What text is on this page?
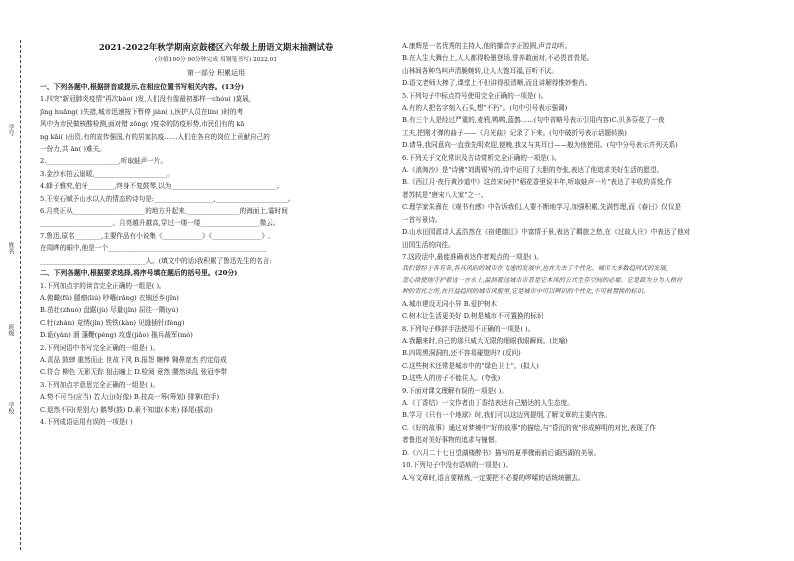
学号
姓名
班级
学校
2021-2022年秋学期南京鼓楼区六年级上册语文期末抽测试卷
(分值100分 90分钟完成 用钢笔书写) 2022.01
第一部分 积累运用
一、下列各题中,根据拼音或提示,在相应位置书写相关内容。(13分)
1.四突"新冠肺炎疫情"再次bào( )发,人们没有像最初那样一chóu( )莫展,
jīng huāng( )失措,城市迅速按下暂停 jiàn( ),医护人员在lín( )时的考
风中为市民做核酸检测,面对错 zōng( )复杂的防疫形势,市民们有的 kā
ng kǎi( )出资,有的宣传强国,有的居家抗疫……人们在各自的岗位上贡献自己的
一份力,共 ān( )难关。
2.______________________,听取蛙声一片。
3.金沙水拍云崖暖,______________________。
4.蜂子雅究,伯牙________,终身不复鼓琴,以为________________________________。
5.王安石赋予山水以人的情态的诗句是:__________________,______________________。
6.月亮正从______________________的地方升起来,________________的海面上,霎时间
______________________。月亮越升越高,穿过一缕一缕__________________微云。
7.鲁迅,原名________,主要作品有小说集《____________》《_______________》,
在周晔的眼中,他是一个________________________________________________
________________________________人。(填文中的话)我积累了鲁迅先生的名言:
二、下列各题中,根据要求选择,将序号填在题后的括号里。(20分)
1.下列加点字的读音完全正确的一组是( )。
A.俯瞰(fǔ) 腿瘤(liú) 吵嚷(rǎng) 衣锦还乡(jǐn)
B.茁壮(zhuó) 盘踞(jù) 尽量(jǐn) 屈往一隅(yú)
C.牡(zhàn) 竞绣(jǐn) 铁铁(kàn) 见缝插针(fèng)
D.诡(yàn) 溜 蓬鞭(péng) 攻虚(jiǎo) 拖兵裁军(mó)
2.下列词语中书写完全正确的一组是( )。
A.责品 鼓肆 重然而止 世故下风 B.报怨 糖棒 翱鼻宽杰 约定俗成
C.符合 柳色 无影无踪 狙击瞳上 D.检阅 竟然 腰然读乱 张冠李带
3.下列加点字意思完全正确的一组是( )。
A.势不可当(应当) 若大山(好像) B.技高一筹(筹划) 排掌(拍手)
C.退然不同(差别大) 鹅琴(鼓) D.素不知道(本来) 择尾(摇动)
4.下列成语运用有误的一项是( )
A.康辉是一名优秀的主持人,他的播音字正腔圆,声音动听。
B.在人生大舞台上,人人都得粉墨登场,誉养敢面对,不必畏首畏尾。
山林间各种鸟叫声清脆婉转,让人大饱耳福,百听不厌。
D.语文老师大棒了,课堂上不但讲得很清晰,而且讲解得惟妙惟肖。
5.下列句子中标点符号使用完全正确的一项是( )。
A.有的人把名字刻入石头,想"不朽"。(句中引号表示强调)
B.有三个人是经过严重的,麦鸦,鸭鸭,蓝鹊……(句中省略号表示引用内容)C.贝多芬花了一夜
工夫,把刚才弹的曲子——《月光曲》记录了下来。(句中破折号表示话题转换)
D.请导,我同意向一直我先明欢迎,便晚,我又与其耳目——般为他使用。(句中分号表示并列关系)
6.下列关于文化常识及古诗赏析完全正确的一项是( )。
A.《浪淘沙》是"诗佛"刘禹锡写的,诗中运用了大胆的夸张,表达了他追求美好生活的愿望。
B.《西江月·夜行黄沙道中》这首宋词中"稻花香里说丰年,听取蛙声一片"表达了丰收的喜悦,作
者苏轼是"唐宋八大家"之一。
C.理学家朱熹在《观书有感》中告诉我们,人要不断地学习,加强积累,先满哲理,而《春日》仅仅是
一首写景诗。
D.山水田园派诗人孟浩然在《宿建德江》中富情于景,表达了羁旅之愁,在《过故人庄》中表达了他对
田园生活的向往。
7.这段话中,最能准确表达作者观点的一项是( )。
我们曾经于各有各,各具风韵的城市在飞速的发展中,也在失去了个性化。城市大多数趋同式的发展,
忽心欲使地守护着这一方水土,温润着这城市市景是它本风的公共生存空间的必要。它是最为分为人格社
种的寄托之所,在日益趋同的城市风貌里,它是城市中可以辨识的个性化,不可被置换的标识。
A.城市建设无同小异 B.爱护树木
C.树木让生活更美好 D.树是城市不可置换的标识
8.下列句子修辞手法使用不正确的一项是( )。
A.我翻来时,自己的那只威大无限的细眼我眼瞬间。(比喻)
B.四周黑洞洞的,还不容易碰壁吗? (反问)
C.这些树木还常是城市中的"绿色卫士"。(拟人)
D.这些人的房子不能住人。(夸张)
9.下面对课文理解有误的一项是( )。
A.《丁香结》一文作者由丁香结表达自己豁达的人生态度。
B.学习《只有一个地球》时,我们可以这边列提纲,了解文章的主要内容。
C.《好的故事》通过对梦境中"好的故事"的描绘,与"昏沉的夜"形成鲜明的对比,表现了作
者鲁迅对美好事物的追求与憧憬。
D.《六月二十七日望湖楼醉书》描写的夏季骤雨前后湖西湖的美景。
10.下列句子中没有语病的一项是( )。
A.写文章时,语言要精炼,一定要把不必要的啰嗦的话统统删去。
